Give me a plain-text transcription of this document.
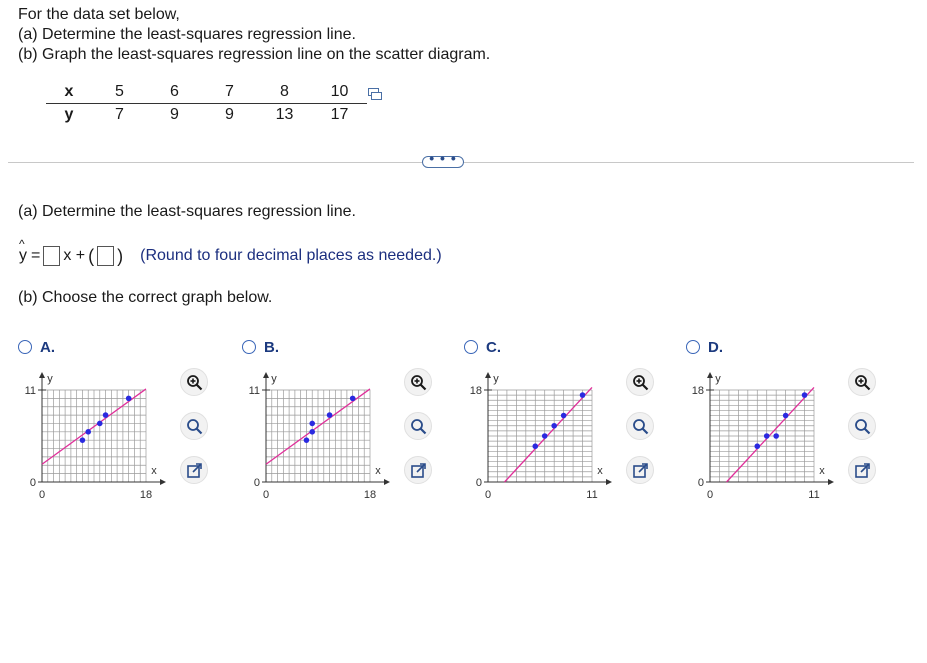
For the data set below,
(a) Determine the least-squares regression line.
(b) Graph the least-squares regression line on the scatter diagram.
x	5	6	7	8	10
y	7	9	9	13	17
• • •
(a) Determine the least-squares regression line.
^
y = x + ( ) (Round to four decimal places as needed.)
(b) Choose the correct graph below.
A.
11
0
0	18
x
y
B.
11
0
0	18
x
y
C.
18
0
0	11
x
y
D.
18
0
0	11
x
y
